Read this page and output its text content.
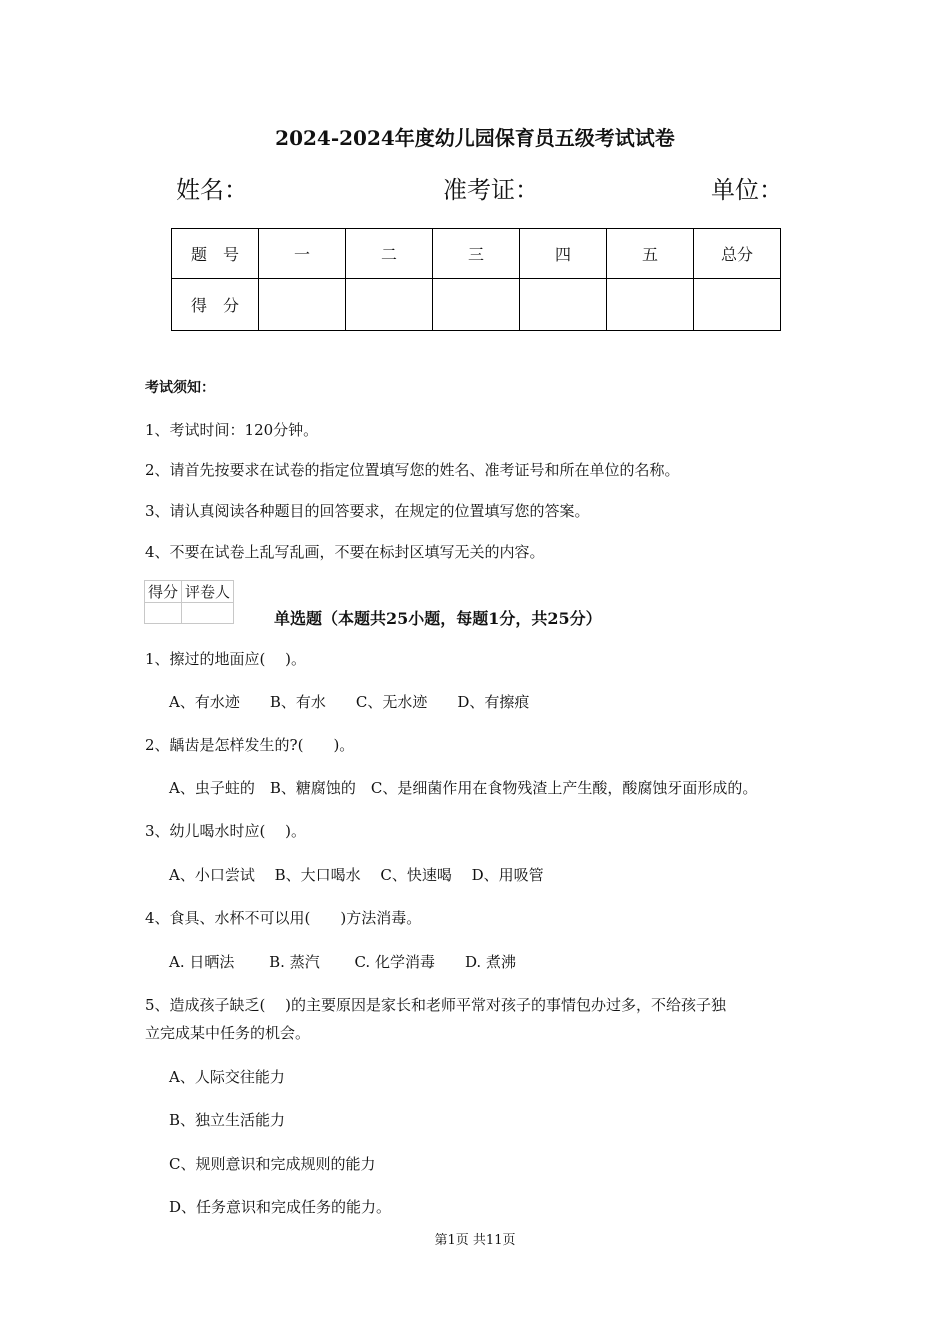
2024-2024年度幼儿园保育员五级考试试卷
姓名：	准考证：	单位：
题　号	一	二	三	四	五	总分
得　分						
考试须知：
1、考试时间：120分钟。
2、请首先按要求在试卷的指定位置填写您的姓名、准考证号和所在单位的名称。
3、请认真阅读各种题目的回答要求，在规定的位置填写您的答案。
4、不要在试卷上乱写乱画，不要在标封区填写无关的内容。
得分	评卷人

单选题（本题共25小题，每题1分，共25分）
1、擦过的地面应(　 )。
A、有水迹　　B、有水　　C、无水迹　　D、有擦痕
2、龋齿是怎样发生的?(　　)。
A、虫子蛀的　B、糖腐蚀的　C、是细菌作用在食物残渣上产生酸，酸腐蚀牙面形成的。
3、幼儿喝水时应(　 )。
A、小口尝试　 B、大口喝水　 C、快速喝　 D、用吸管
4、食具、水杯不可以用(　　)方法消毒。
A. 日晒法　　 B. 蒸汽　　 C. 化学消毒　　D. 煮沸
5、造成孩子缺乏(　 )的主要原因是家长和老师平常对孩子的事情包办过多，不给孩子独
立完成某中任务的机会。
A、人际交往能力
B、独立生活能力
C、规则意识和完成规则的能力
D、任务意识和完成任务的能力。
第1页 共11页
